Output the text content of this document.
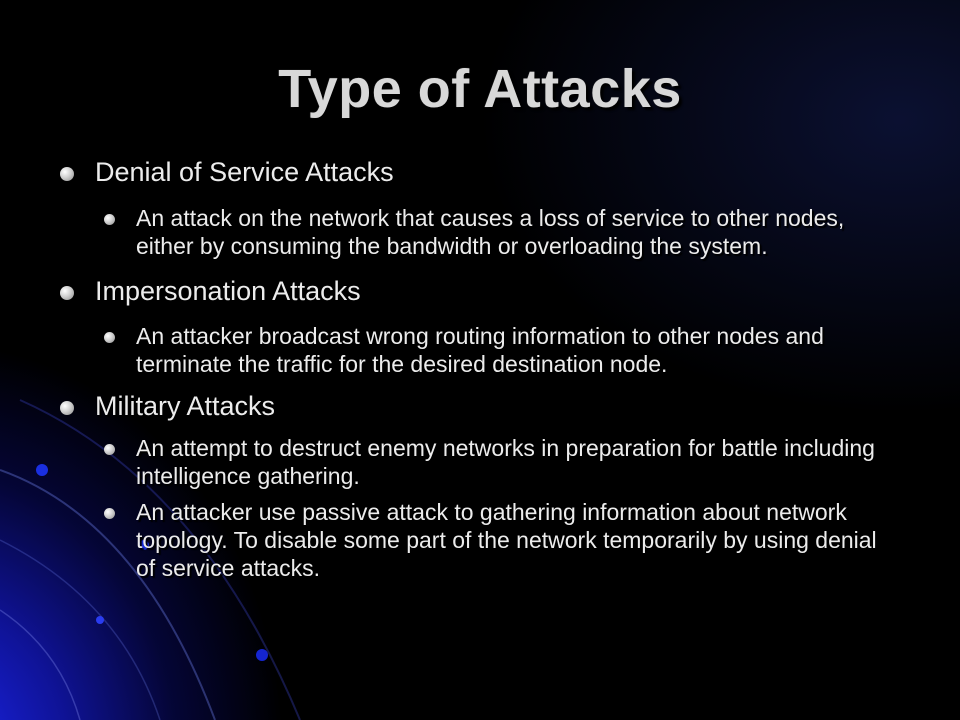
Type of Attacks
Denial of Service Attacks
An attack on the network that causes a loss of service to other nodes, either by consuming the bandwidth or overloading the system.
Impersonation Attacks
An attacker broadcast wrong routing information to other nodes and terminate the traffic for the desired destination node.
Military Attacks
An attempt to destruct enemy networks in preparation for battle including intelligence gathering.
An attacker use passive attack to gathering information about network topology. To disable some part of the network temporarily by using denial of service attacks.
